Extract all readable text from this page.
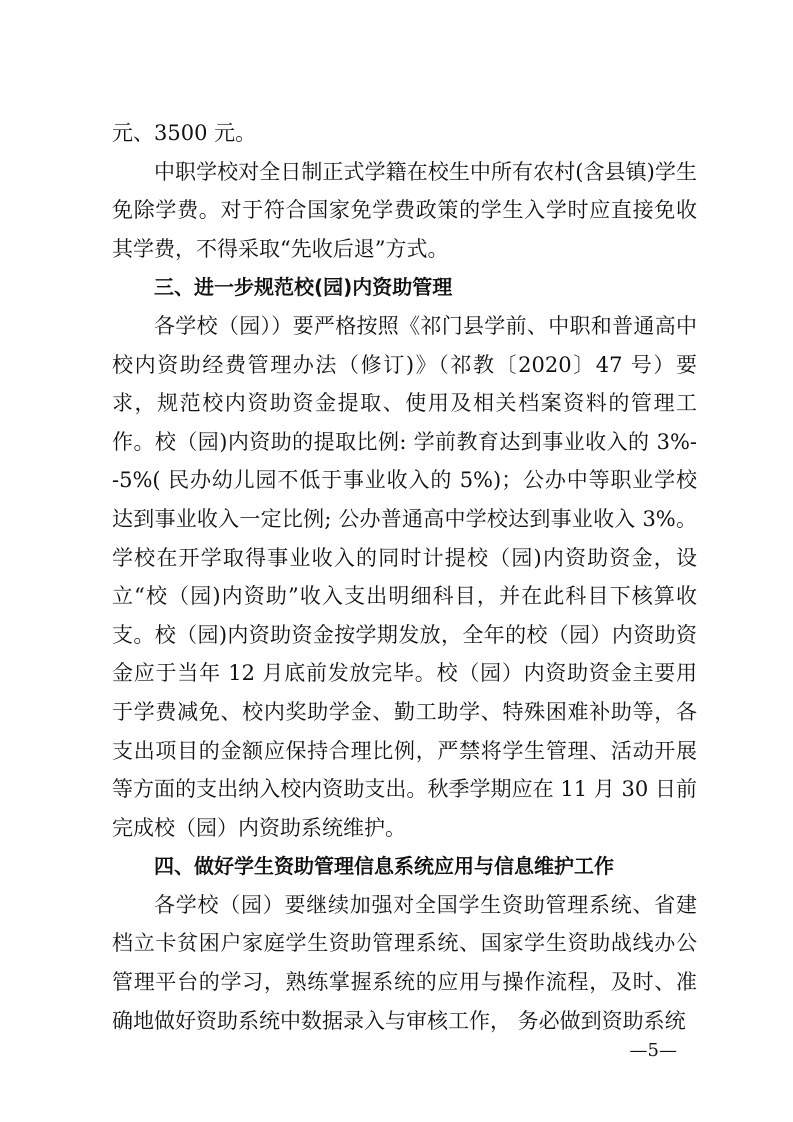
元、3500 元。

中职学校对全日制正式学籍在校生中所有农村(含县镇)学生免除学费。对于符合国家免学费政策的学生入学时应直接免收其学费，不得采取“先收后退”方式。

三、进一步规范校(园)内资助管理

各学校（园））要严格按照《祁门县学前、中职和普通高中校内资助经费管理办法（修订)》（祁教〔2020〕47 号）要求，规范校内资助资金提取、使用及相关档案资料的管理工作。校（园)内资助的提取比例: 学前教育达到事业收入的 3%--5%( 民办幼儿园不低于事业收入的 5%)；公办中等职业学校达到事业收入一定比例; 公办普通高中学校达到事业收入 3%。学校在开学取得事业收入的同时计提校（园)内资助资金，设立“校（园)内资助”收入支出明细科目，并在此科目下核算收支。校（园)内资助资金按学期发放，全年的校（园）内资助资金应于当年 12 月底前发放完毕。校（园）内资助资金主要用于学费减免、校内奖助学金、勤工助学、特殊困难补助等，各支出项目的金额应保持合理比例，严禁将学生管理、活动开展等方面的支出纳入校内资助支出。秋季学期应在 11 月 30 日前完成校（园）内资助系统维护。

四、做好学生资助管理信息系统应用与信息维护工作

各学校（园）要继续加强对全国学生资助管理系统、省建档立卡贫困户家庭学生资助管理系统、国家学生资助战线办公管理平台的学习，熟练掌握系统的应用与操作流程，及时、准确地做好资助系统中数据录入与审核工作， 务必做到资助系统

—5—
